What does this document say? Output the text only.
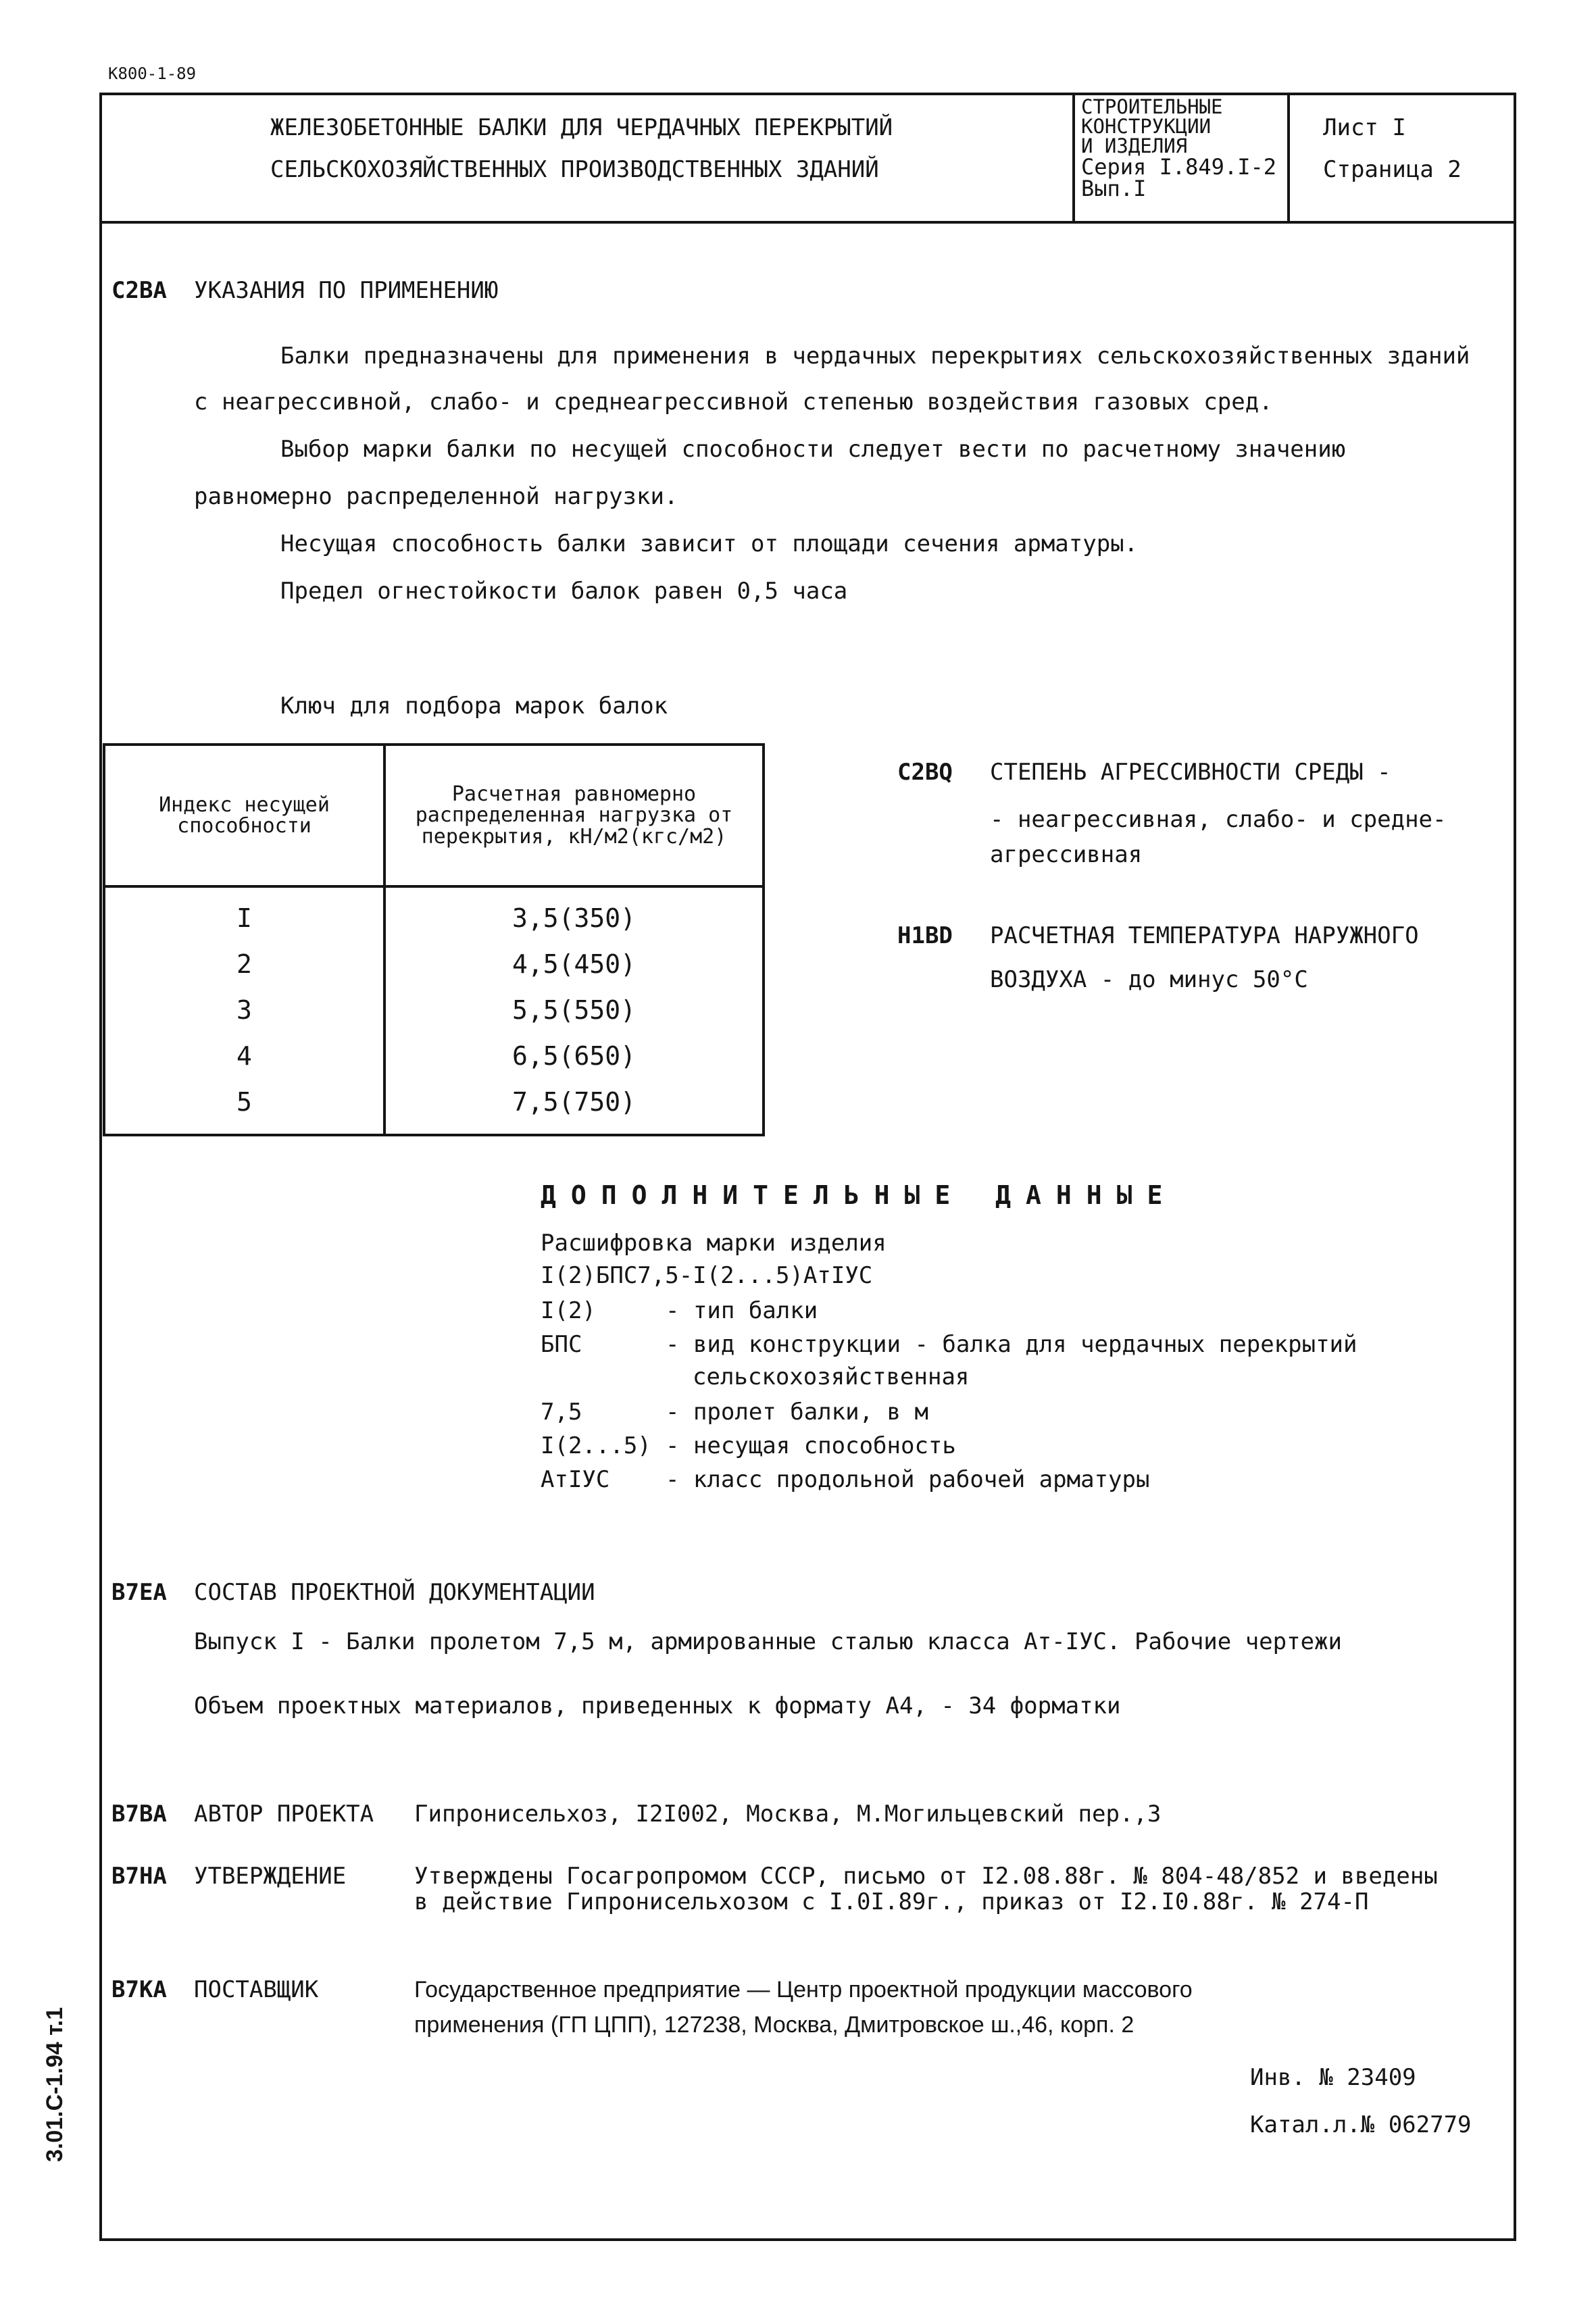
К800-1-89
ЖЕЛЕЗОБЕТОННЫЕ БАЛКИ ДЛЯ ЧЕРДАЧНЫХ ПЕРЕКРЫТИЙ
СЕЛЬСКОХОЗЯЙСТВЕННЫХ ПРОИЗВОДСТВЕННЫХ ЗДАНИЙ
СТРОИТЕЛЬНЫЕ
КОНСТРУКЦИИ
И ИЗДЕЛИЯ
Серия I.849.I-2
Вып.I
Лист I
Страница 2
С2ВА УКАЗАНИЯ ПО ПРИМЕНЕНИЮ
Балки предназначены для применения в чердачных перекрытиях сельскохозяйственных зданий
с неагрессивной, слабо- и среднеагрессивной степенью воздействия газовых сред.
Выбор марки балки по несущей способности следует вести по расчетному значению
равномерно распределенной нагрузки.
Несущая способность балки зависит от площади сечения арматуры.
Предел огнестойкости балок равен 0,5 часа
Ключ для подбора марок балок
Индекс несущей способности	Расчетная равномерно распределенная нагрузка от перекрытия, кН/м2(кгс/м2)
I	3,5(350)
2	4,5(450)
3	5,5(550)
4	6,5(650)
5	7,5(750)
С2ВQ СТЕПЕНЬ АГРЕССИВНОСТИ СРЕДЫ -
- неагрессивная, слабо- и средне-
агрессивная
Н1ВD РАСЧЕТНАЯ ТЕМПЕРАТУРА НАРУЖНОГО
ВОЗДУХА - до минус 50°С
ДОПОЛНИТЕЛЬНЫЕ ДАННЫЕ
Расшифровка марки изделия
I(2)БПС7,5-I(2...5)АтIУС
I(2)	- тип балки
БПС	- вид конструкции - балка для чердачных перекрытий
сельскохозяйственная
7,5	- пролет балки, в м
I(2...5) - несущая способность
АтIУС - класс продольной рабочей арматуры
В7ЕА СОСТАВ ПРОЕКТНОЙ ДОКУМЕНТАЦИИ
Выпуск I - Балки пролетом 7,5 м, армированные сталью класса Ат-IУС. Рабочие чертежи
Объем проектных материалов, приведенных к формату А4, - 34 форматки
В7ВА АВТОР ПРОЕКТА Гипронисельхоз, I2I002, Москва, М.Могильцевский пер.,3
В7НА УТВЕРЖДЕНИЕ	Утверждены Госагропромом СССР, письмо от I2.08.88г. № 804-48/852 и введены
в действие Гипронисельхозом с I.0I.89г., приказ от I2.I0.88г. № 274-П
В7КА ПОСТАВЩИК	Государственное предприятие — Центр проектной продукции массового
применения (ГП ЦПП), 127238, Москва, Дмитровское ш.,46, корп. 2
Инв. № 23409
Катал.л.№ 062779
3.01.С-1.94 т.1
